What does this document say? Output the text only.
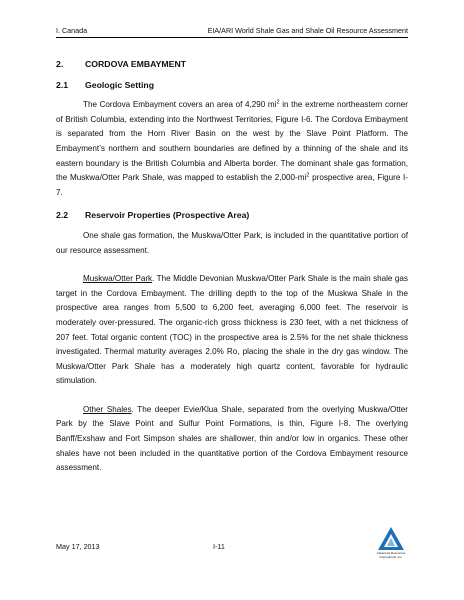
I. Canada	EIA/ARI World Shale Gas and Shale Oil Resource Assessment
2.	CORDOVA EMBAYMENT
2.1	Geologic Setting

The Cordova Embayment covers an area of 4,290 $mi^2$ in the extreme northeastern corner of British Columbia, extending into the Northwest Territories, Figure I-6. The Cordova Embayment is separated from the Horn River Basin on the west by the Slave Point Platform. The Embayment’s northern and southern boundaries are defined by a thinning of the shale and its eastern boundary is the British Columbia and Alberta border. The dominant shale gas formation, the Muskwa/Otter Park Shale, was mapped to establish the $2,000-mi^2$ prospective area, Figure I-7.

2.2	Reservoir Properties (Prospective Area)

One shale gas formation, the Muskwa/Otter Park, is included in the quantitative portion of our resource assessment.

Muskwa/Otter Park. The Middle Devonian Muskwa/Otter Park Shale is the main shale gas target in the Cordova Embayment. The drilling depth to the top of the Muskwa Shale in the prospective area ranges from 5,500 to 6,200 feet, averaging 6,000 feet. The reservoir is moderately over-pressured. The organic-rich gross thickness is 230 feet, with a net thickness of 207 feet. Total organic content (TOC) in the prospective area is 2.5% for the net shale thickness investigated. Thermal maturity averages 2.0% Ro, placing the shale in the dry gas window. The Muskwa/Otter Park Shale has a moderately high quartz content, favorable for hydraulic stimulation.

Other Shales. The deeper Evie/Klua Shale, separated from the overlying Muskwa/Otter Park by the Slave Point and Sulfur Point Formations, is thin, Figure I-8. The overlying Banff/Exshaw and Fort Simpson shales are shallower, thin and/or low in organics. These other shales have not been included in the quantitative portion of the Cordova Embayment resource assessment.

May 17, 2013	I-11
Advanced Resources
International, Inc.
